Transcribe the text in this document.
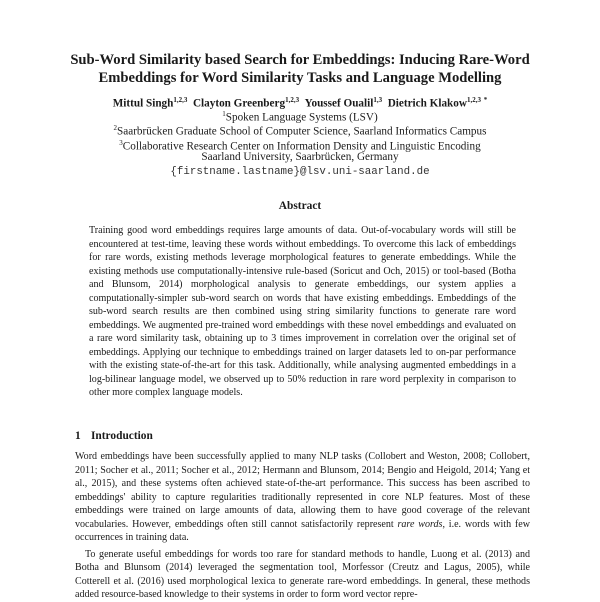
Sub-Word Similarity based Search for Embeddings: Inducing Rare-Word
Embeddings for Word Similarity Tasks and Language Modelling
Mittul Singh$^{1,2,3}$ Clayton Greenberg$^{1,2,3}$ Youssef Oualil$^{1,3}$ Dietrich Klakow$^{1,2,3}$ *
$^1$Spoken Language Systems (LSV)
$^2$Saarbrücken Graduate School of Computer Science, Saarland Informatics Campus
$^3$Collaborative Research Center on Information Density and Linguistic Encoding
Saarland University, Saarbrücken, Germany
{firstname.lastname}@lsv.uni-saarland.de
Abstract
Training good word embeddings requires large amounts of data. Out-of-vocabulary words will still be encountered at test-time, leaving these words without embeddings. To overcome this lack of embeddings for rare words, existing methods leverage morphological features to generate embeddings. While the existing methods use computationally-intensive rule-based (Soricut and Och, 2015) or tool-based (Botha and Blunsom, 2014) morphological analysis to generate embeddings, our system applies a computationally-simpler sub-word search on words that have existing embeddings. Embeddings of the sub-word search results are then combined using string similarity functions to generate rare word embeddings. We augmented pre-trained word embeddings with these novel embeddings and evaluated on a rare word similarity task, obtaining up to 3 times improvement in correlation over the original set of embeddings. Applying our technique to embeddings trained on larger datasets led to on-par performance with the existing state-of-the-art for this task. Additionally, while analysing augmented embeddings in a log-bilinear language model, we observed up to 50% reduction in rare word perplexity in comparison to other more complex language models.
1 Introduction

Word embeddings have been successfully applied to many NLP tasks (Collobert and Weston, 2008; Collobert, 2011; Socher et al., 2011; Socher et al., 2012; Hermann and Blunsom, 2014; Bengio and Heigold, 2014; Yang et al., 2015), and these systems often achieved state-of-the-art performance. This success has been ascribed to embeddings' ability to capture regularities traditionally represented in core NLP features. Most of these embeddings were trained on large amounts of data, allowing them to have good coverage of the relevant vocabularies. However, embeddings often still cannot satisfactorily represent rare words, i.e. words with few occurrences in training data.

To generate useful embeddings for words too rare for standard methods to handle, Luong et al. (2013) and Botha and Blunsom (2014) leveraged the segmentation tool, Morfessor (Creutz and Lagus, 2005), while Cotterell et al. (2016) used morphological lexica to generate rare-word embeddings. In general, these methods added resource-based knowledge to their systems in order to form word vector repre-
